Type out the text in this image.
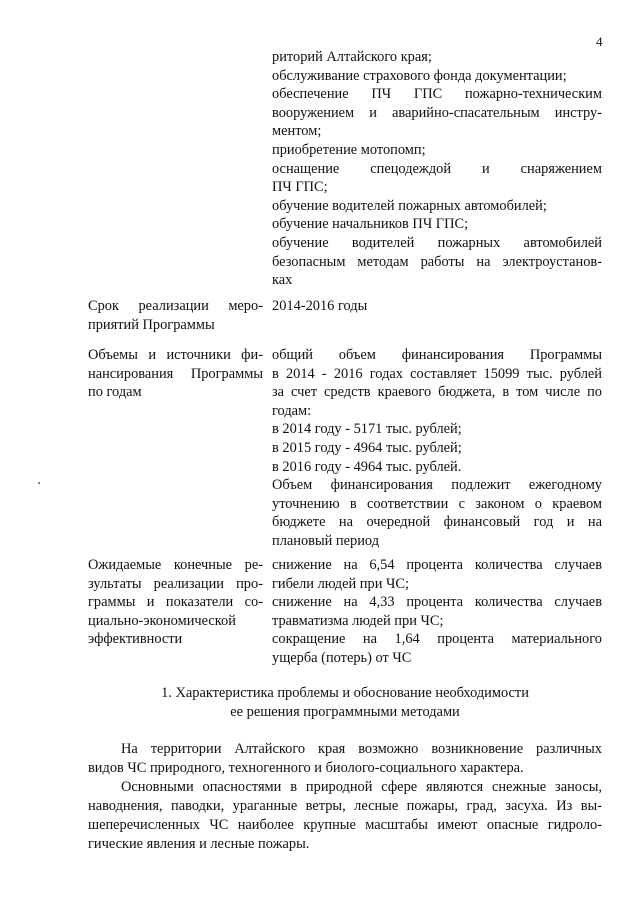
4
риторий Алтайского края;
обслуживание страхового фонда документации;
обеспечение ПЧ ГПС пожарно-техническим
вооружением и аварийно-спасательным инстру-
ментом;
приобретение мотопомп;
оснащение спецодеждой и снаряжением
ПЧ ГПС;
обучение водителей пожарных автомобилей;
обучение начальников ПЧ ГПС;
обучение водителей пожарных автомобилей
безопасным методам работы на электроустанов-
ках
Срок реализации меро-
приятий Программы
2014-2016 годы
Объемы и источники фи-
нансирования Программы
по годам
общий объем финансирования Программы
в 2014 - 2016 годах составляет 15099 тыс. рублей
за счет средств краевого бюджета, в том числе по
годам:
в 2014 году - 5171 тыс. рублей;
в 2015 году - 4964 тыс. рублей;
в 2016 году - 4964 тыс. рублей.
Объем финансирования подлежит ежегодному
уточнению в соответствии с законом о краевом
бюджете на очередной финансовый год и на
плановый период
Ожидаемые конечные ре-
зультаты реализации про-
граммы и показатели со-
циально-экономической
эффективности
снижение на 6,54 процента количества случаев
гибели людей при ЧС;
снижение на 4,33 процента количества случаев
травматизма людей при ЧС;
сокращение на 1,64 процента материального
ущерба (потерь) от ЧС
1. Характеристика проблемы и обоснование необходимости
ее решения программными методами
На территории Алтайского края возможно возникновение различных
видов ЧС природного, техногенного и биолого-социального характера.
Основными опасностями в природной сфере являются снежные заносы,
наводнения, паводки, ураганные ветры, лесные пожары, град, засуха. Из вы-
шеперечисленных ЧС наиболее крупные масштабы имеют опасные гидроло-
гические явления и лесные пожары.
